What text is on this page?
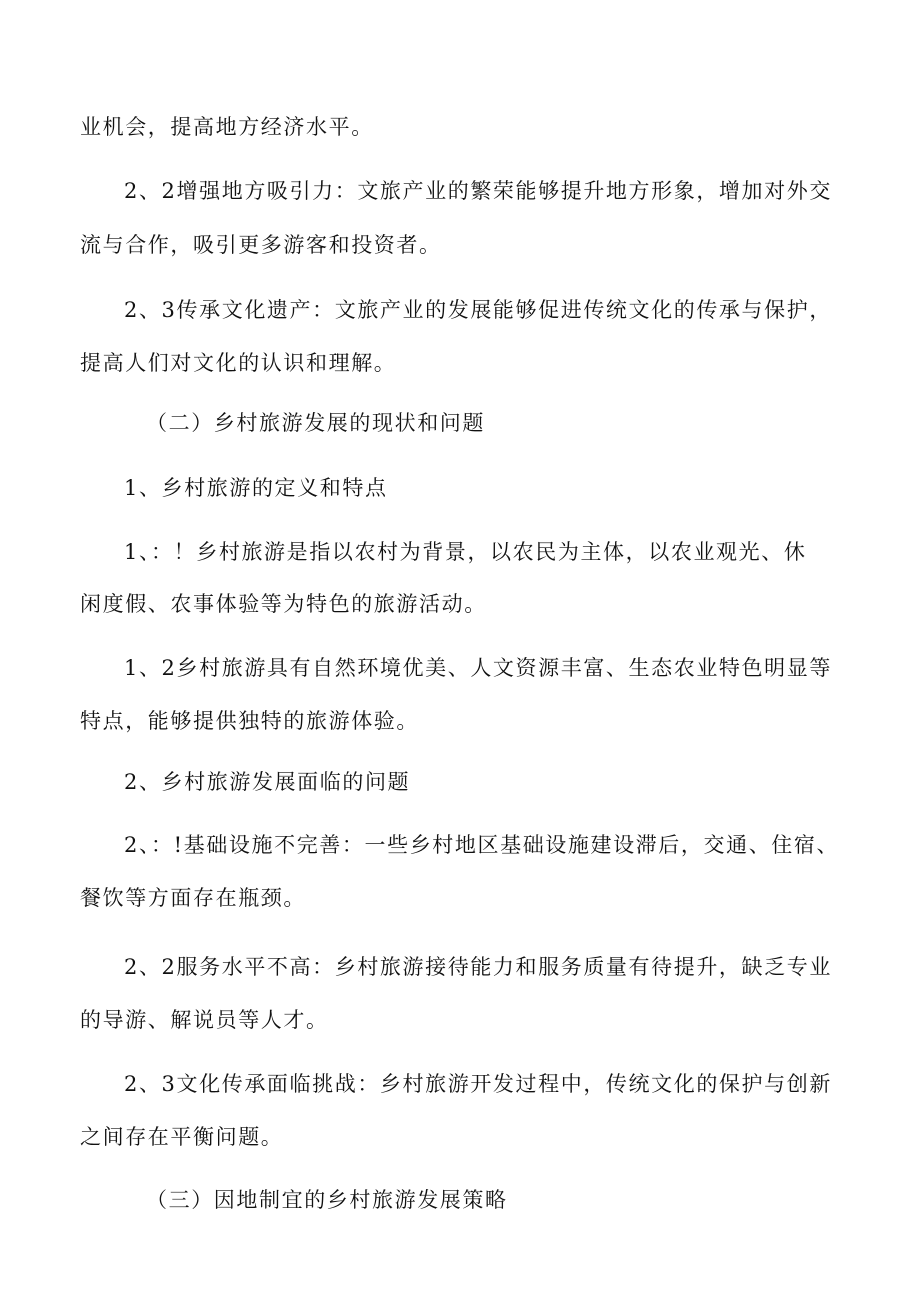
业机会，提高地方经济水平。
2、2增强地方吸引力：文旅产业的繁荣能够提升地方形象，增加对外交
流与合作，吸引更多游客和投资者。
2、3传承文化遗产：文旅产业的发展能够促进传统文化的传承与保护，
提高人们对文化的认识和理解。
（二）乡村旅游发展的现状和问题
1、乡村旅游的定义和特点
1、：！乡村旅游是指以农村为背景，以农民为主体，以农业观光、休
闲度假、农事体验等为特色的旅游活动。
1、2乡村旅游具有自然环境优美、人文资源丰富、生态农业特色明显等
特点，能够提供独特的旅游体验。
2、乡村旅游发展面临的问题
2、：!基础设施不完善：一些乡村地区基础设施建设滞后，交通、住宿、
餐饮等方面存在瓶颈。
2、2服务水平不高：乡村旅游接待能力和服务质量有待提升，缺乏专业
的导游、解说员等人才。
2、3文化传承面临挑战：乡村旅游开发过程中，传统文化的保护与创新
之间存在平衡问题。
（三）因地制宜的乡村旅游发展策略
